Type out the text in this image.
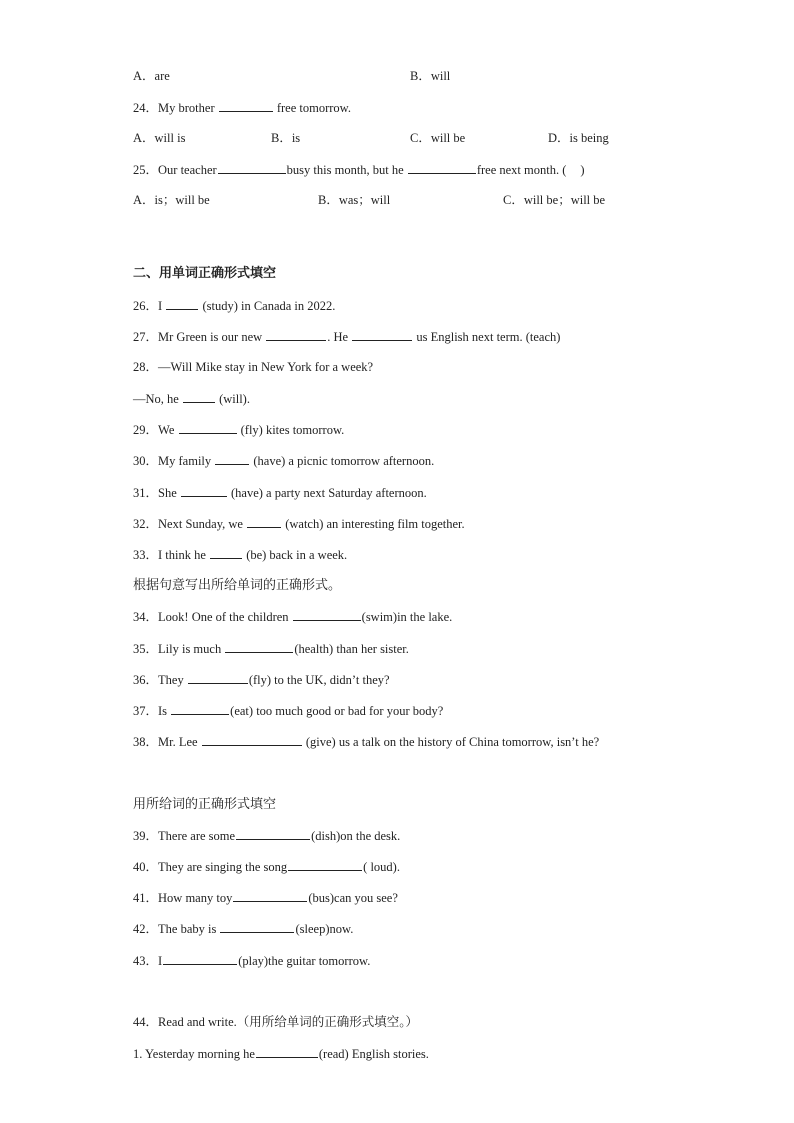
A．are	B．will
24．My brother	free tomorrow.
A．will is	B．is	C．will be	D．is being
25．Our teacher	busy this month, but he	free next month. ( )
A．is；will be	B．was；will	C．will be；will be
二、用单词正确形式填空
26．I	(study) in Canada in 2022.
27．Mr Green is our new	. He	us English next term. (teach)
28．—Will Mike stay in New York for a week?
—No, he	(will).
29．We	(fly) kites tomorrow.
30．My family	(have) a picnic tomorrow afternoon.
31．She	(have) a party next Saturday afternoon.
32．Next Sunday, we	(watch) an interesting film together.
33．I think he	(be) back in a week.
根据句意写出所给单词的正确形式。
34．Look! One of the children	(swim)in the lake.
35．Lily is much	(health) than her sister.
36．They	(fly) to the UK, didn’t they?
37．Is	(eat) too much good or bad for your body?
38．Mr. Lee	(give) us a talk on the history of China tomorrow, isn’t he?
用所给词的正确形式填空
39．There are some	(dish)on the desk.
40．They are singing the song	( loud).
41．How many toy	(bus)can you see?
42．The baby is	(sleep)now.
43．I	(play)the guitar tomorrow.
44．Read and write.（用所给单词的正确形式填空。）
1. Yesterday morning he	(read) English stories.
